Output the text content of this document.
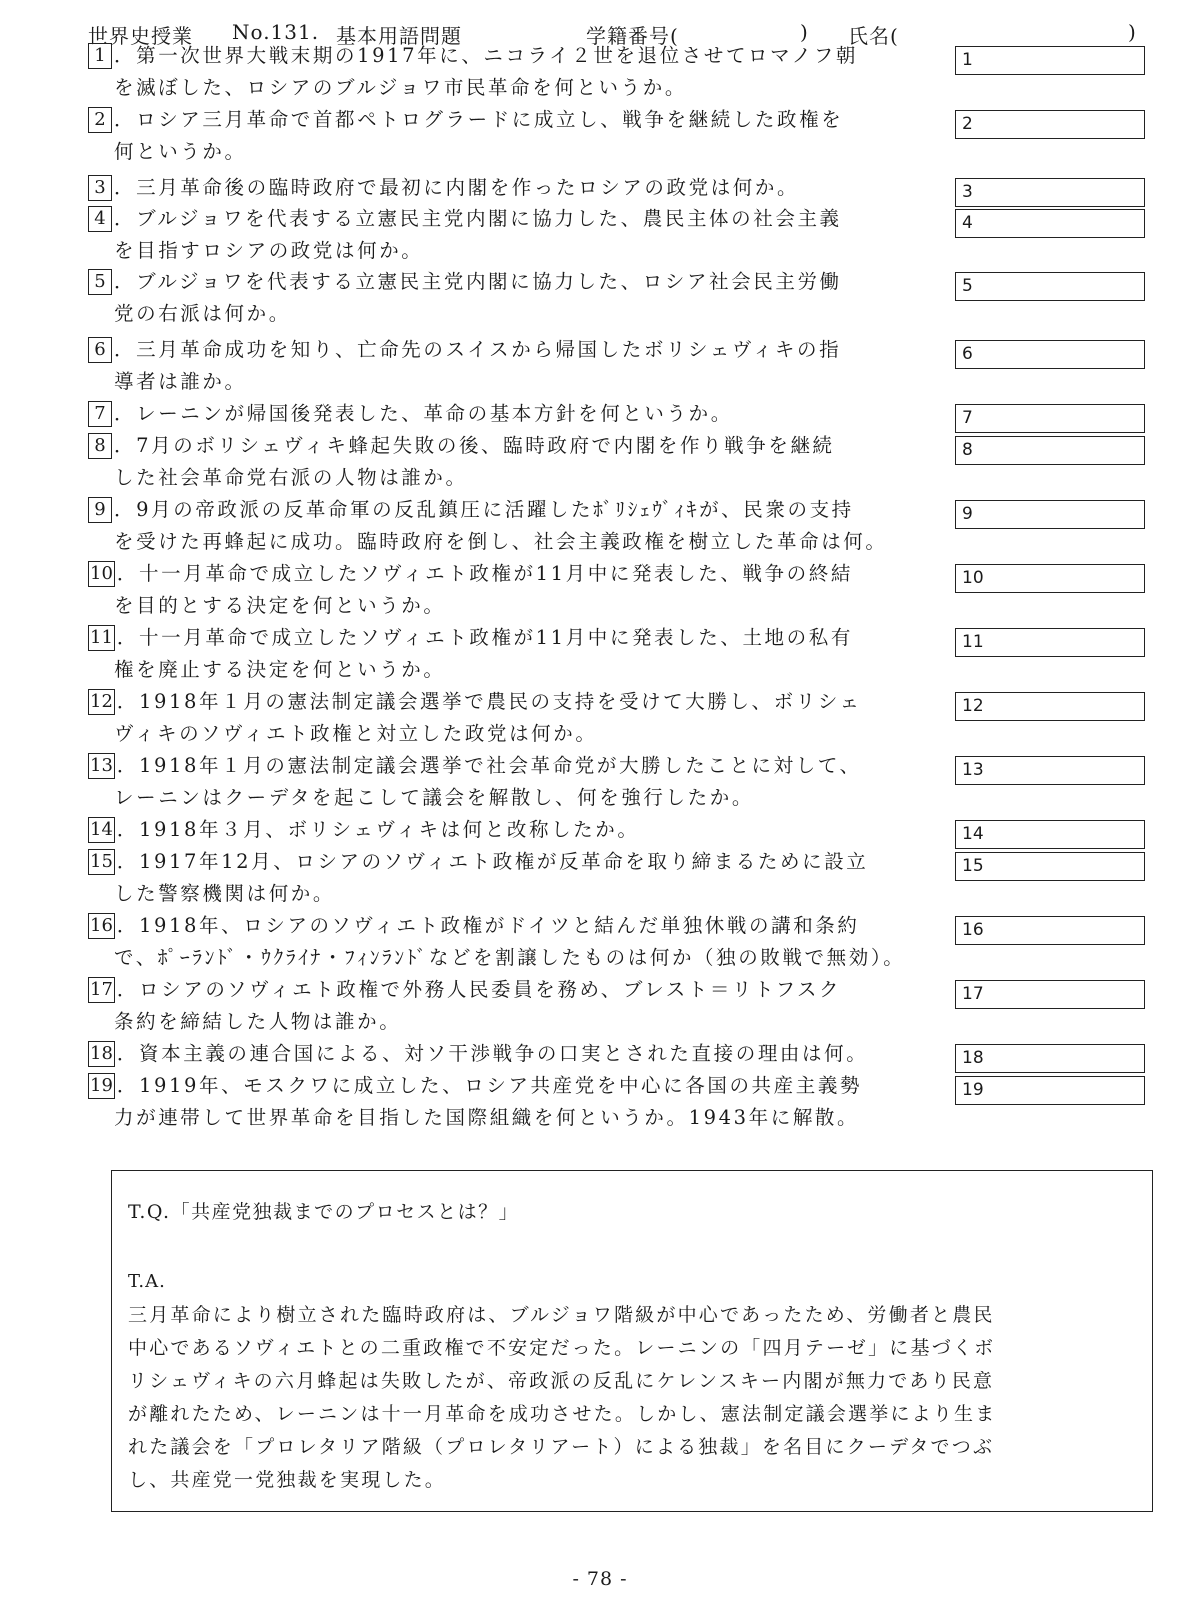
世界史授業 No.131. 基本用語問題	学籍番号(	) 氏名(	)
1 ．第一次世界大戦末期の1917年に、ニコライ２世を退位させてロマノフ朝
を滅ぼした、ロシアのブルジョワ市民革命を何というか。
1
2 ．ロシア三月革命で首都ペトログラードに成立し、戦争を継続した政権を
何というか。
2
3 ．三月革命後の臨時政府で最初に内閣を作ったロシアの政党は何か。	3
4 ．ブルジョワを代表する立憲民主党内閣に協力した、農民主体の社会主義
を目指すロシアの政党は何か。
4
5 ．ブルジョワを代表する立憲民主党内閣に協力した、ロシア社会民主労働
党の右派は何か。
5
6 ．三月革命成功を知り、亡命先のスイスから帰国したボリシェヴィキの指
導者は誰か。
6
7 ．レーニンが帰国後発表した、革命の基本方針を何というか。	7
8 ．7月のボリシェヴィキ蜂起失敗の後、臨時政府で内閣を作り戦争を継続
した社会革命党右派の人物は誰か。
8
9 ．9月の帝政派の反革命軍の反乱鎮圧に活躍したﾎﾞﾘｼｪｳﾞｨｷが、民衆の支持
を受けた再蜂起に成功。臨時政府を倒し、社会主義政権を樹立した革命は何。
9
10 ．十一月革命で成立したソヴィエト政権が11月中に発表した、戦争の終結
を目的とする決定を何というか。
10
11 ．十一月革命で成立したソヴィエト政権が11月中に発表した、土地の私有
権を廃止する決定を何というか。
11
12 ．1918年１月の憲法制定議会選挙で農民の支持を受けて大勝し、ボリシェ
ヴィキのソヴィエト政権と対立した政党は何か。
12
13 ．1918年１月の憲法制定議会選挙で社会革命党が大勝したことに対して、
レーニンはクーデタを起こして議会を解散し、何を強行したか。
13
14 ．1918年３月、ボリシェヴィキは何と改称したか。	14
15 ．1917年12月、ロシアのソヴィエト政権が反革命を取り締まるために設立
した警察機関は何か。
15
16 ．1918年、ロシアのソヴィエト政権がドイツと結んだ単独休戦の講和条約
で、ﾎﾟｰﾗﾝﾄﾞ・ｳｸﾗｲﾅ・ﾌｨﾝﾗﾝﾄﾞなどを割譲したものは何か（独の敗戦で無効）。
16
17 ．ロシアのソヴィエト政権で外務人民委員を務め、ブレスト＝リトフスク
条約を締結した人物は誰か。
17
18 ．資本主義の連合国による、対ソ干渉戦争の口実とされた直接の理由は何。	18
19 ．1919年、モスクワに成立した、ロシア共産党を中心に各国の共産主義勢
力が連帯して世界革命を目指した国際組織を何というか。1943年に解散。
19
T.Q.「共産党独裁までのプロセスとは？」
T.A.
三月革命により樹立された臨時政府は、ブルジョワ階級が中心であったため、労働者と農民
中心であるソヴィエトとの二重政権で不安定だった。レーニンの「四月テーゼ」に基づくボ
リシェヴィキの六月蜂起は失敗したが、帝政派の反乱にケレンスキー内閣が無力であり民意
が離れたため、レーニンは十一月革命を成功させた。しかし、憲法制定議会選挙により生ま
れた議会を「プロレタリア階級（プロレタリアート）による独裁」を名目にクーデタでつぶ
し、共産党一党独裁を実現した。
- 78 -
